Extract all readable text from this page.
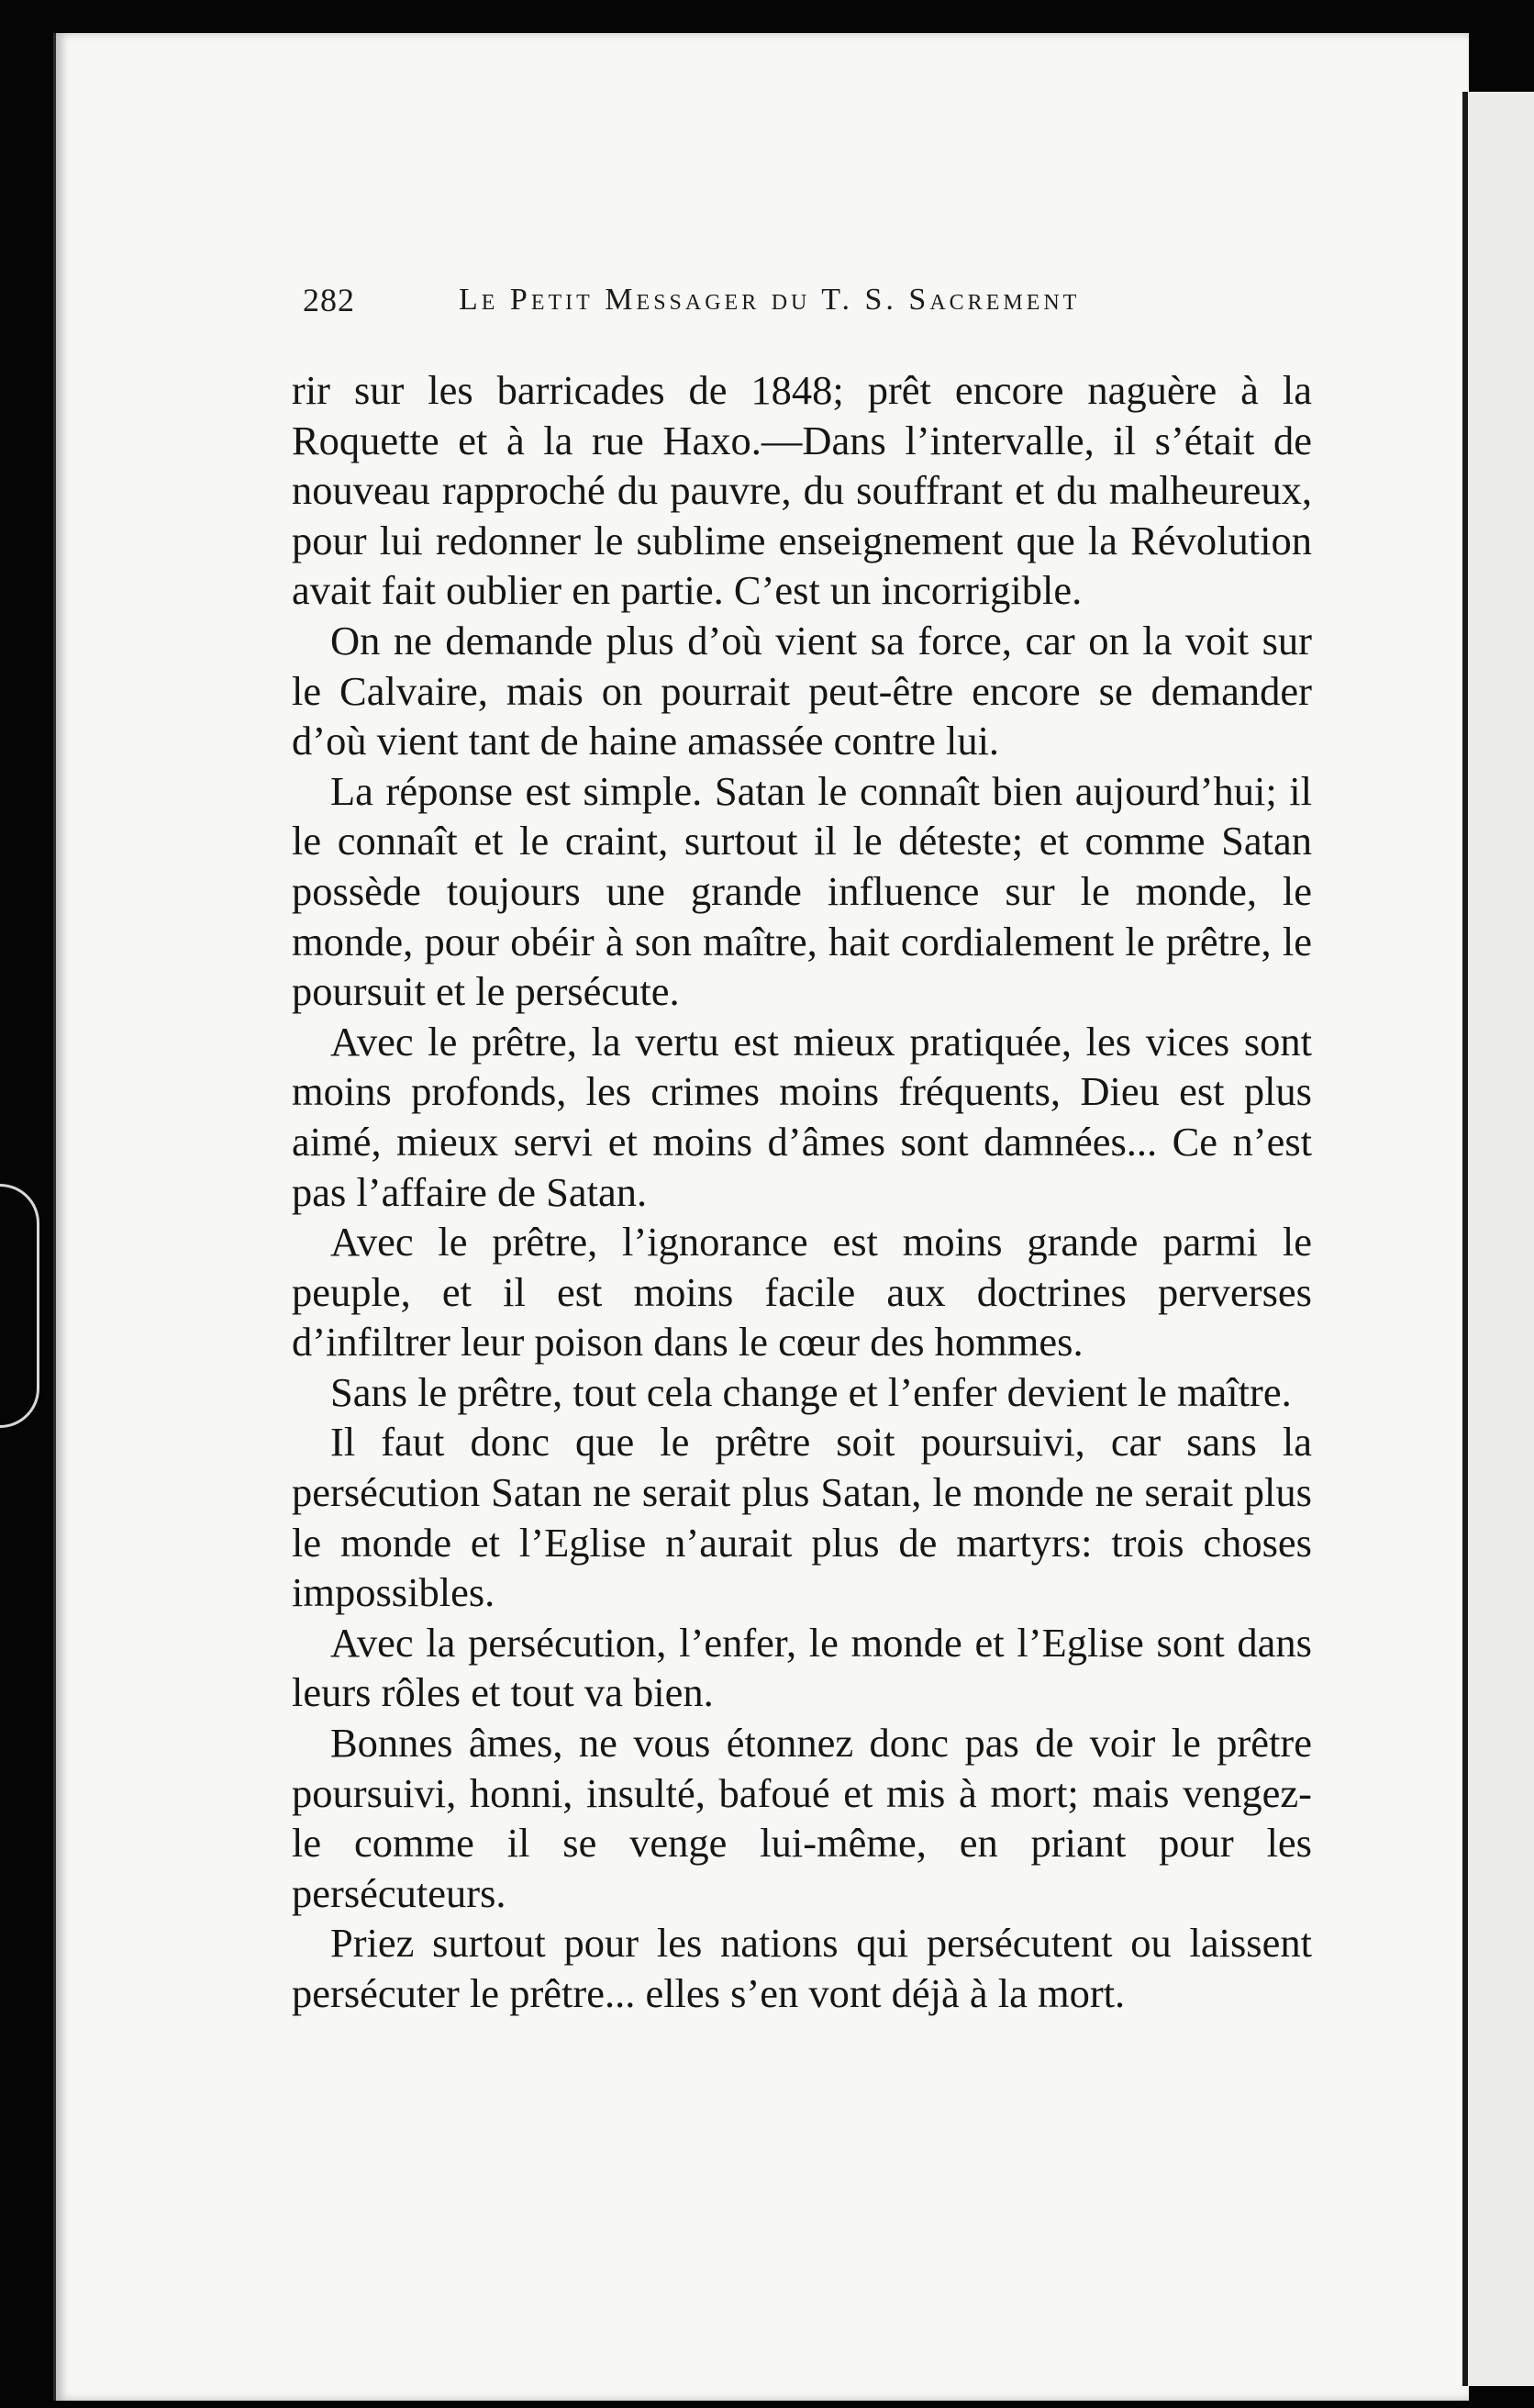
282	Le Petit Messager du T. S. Sacrement

rir sur les barricades de 1848; prêt encore naguère à la Roquette et à la rue Haxo.—Dans l’intervalle, il s’était de nouveau rapproché du pauvre, du souffrant et du malheureux, pour lui redonner le sublime enseignement que la Révolution avait fait oublier en partie. C’est un incorrigible.

On ne demande plus d’où vient sa force, car on la voit sur le Calvaire, mais on pourrait peut-être encore se demander d’où vient tant de haine amassée contre lui.

La réponse est simple. Satan le connaît bien aujourd’hui; il le connaît et le craint, surtout il le déteste; et comme Satan possède toujours une grande influence sur le monde, le monde, pour obéir à son maître, hait cordialement le prêtre, le poursuit et le persécute.

Avec le prêtre, la vertu est mieux pratiquée, les vices sont moins profonds, les crimes moins fréquents, Dieu est plus aimé, mieux servi et moins d’âmes sont damnées... Ce n’est pas l’affaire de Satan.

Avec le prêtre, l’ignorance est moins grande parmi le peuple, et il est moins facile aux doctrines perverses d’infiltrer leur poison dans le cœur des hommes.

Sans le prêtre, tout cela change et l’enfer devient le maître.

Il faut donc que le prêtre soit poursuivi, car sans la persécution Satan ne serait plus Satan, le monde ne serait plus le monde et l’Eglise n’aurait plus de martyrs: trois choses impossibles.

Avec la persécution, l’enfer, le monde et l’Eglise sont dans leurs rôles et tout va bien.

Bonnes âmes, ne vous étonnez donc pas de voir le prêtre poursuivi, honni, insulté, bafoué et mis à mort; mais vengez-le comme il se venge lui-même, en priant pour les persécuteurs.

Priez surtout pour les nations qui persécutent ou laissent persécuter le prêtre... elles s’en vont déjà à la mort.
